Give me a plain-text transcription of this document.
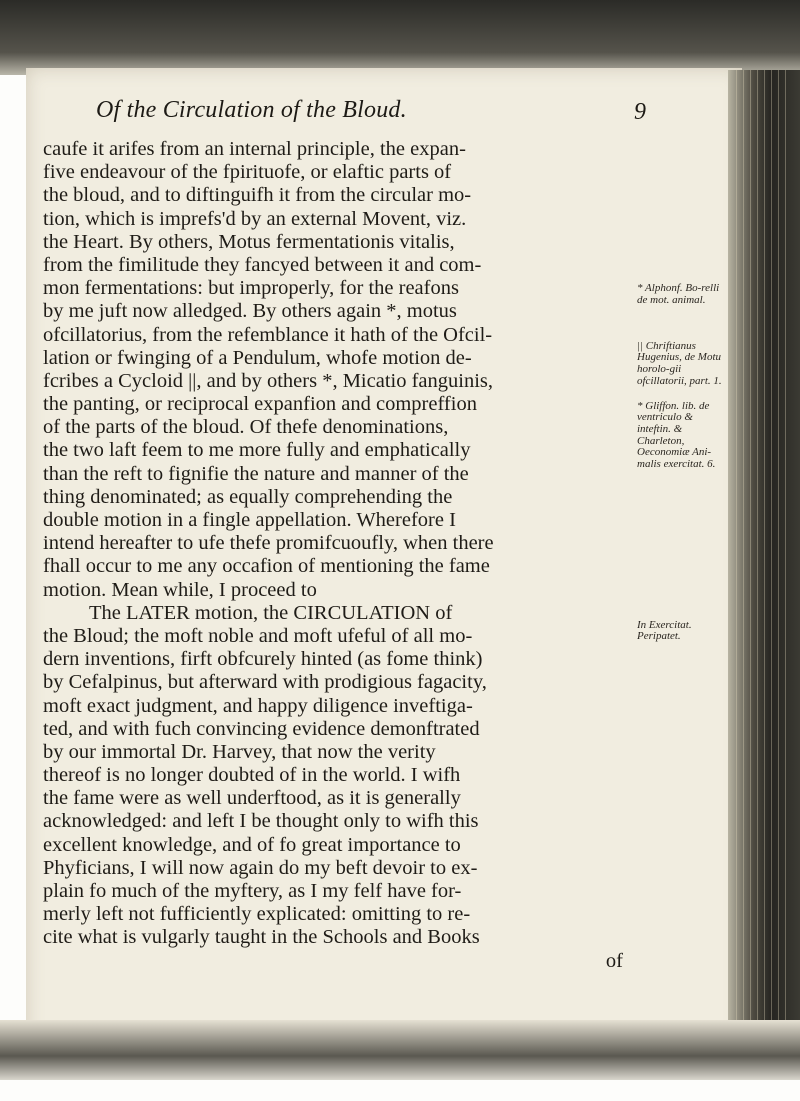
Of the Circulation of the Bloud.	9
caufe it arifes from an internal principle, the expan-
five endeavour of the fpirituofe, or elaftic parts of
the bloud, and to diftinguifh it from the circular mo-
tion, which is imprefs'd by an external Movent, viz.
the Heart. By others, Motus fermentationis vitalis,
from the fimilitude they fancyed between it and com-
mon fermentations: but improperly, for the reafons
by me juft now alledged. By others again *, motus
ofcillatorius, from the refemblance it hath of the Ofcil-
lation or fwinging of a Pendulum, whofe motion de-
fcribes a Cycloid ||, and by others *, Micatio fanguinis,
the panting, or reciprocal expanfion and compreffion
of the parts of the bloud. Of thefe denominations,
the two laft feem to me more fully and emphatically
than the reft to fignifie the nature and manner of the
thing denominated; as equally comprehending the
double motion in a fingle appellation. Wherefore I
intend hereafter to ufe thefe promifcuoufly, when there
fhall occur to me any occafion of mentioning the fame
motion. Mean while, I proceed to
The LATER motion, the CIRCULATION of
the Bloud; the moft noble and moft ufeful of all mo-
dern inventions, firft obfcurely hinted (as fome think)
by Cefalpinus, but afterward with prodigious fagacity,
moft exact judgment, and happy diligence inveftiga-
ted, and with fuch convincing evidence demonftrated
by our immortal Dr. Harvey, that now the verity
thereof is no longer doubted of in the world. I wifh
the fame were as well underftood, as it is generally
acknowledged: and left I be thought only to wifh this
excellent knowledge, and of fo great importance to
Phyficians, I will now again do my beft devoir to ex-
plain fo much of the myftery, as I my felf have for-
merly left not fufficiently explicated: omitting to re-
cite what is vulgarly taught in the Schools and Books
of
* Alphonf. Bo-relli de mot. animal.
|| Chriftianus Hugenius, de Motu horolo-gii ofcillatorii, part. 1.
* Gliffon. lib. de ventriculo & inteftin. & Charleton, Oeconomiæ Ani-malis exercitat. 6.
In Exercitat. Peripatet.
